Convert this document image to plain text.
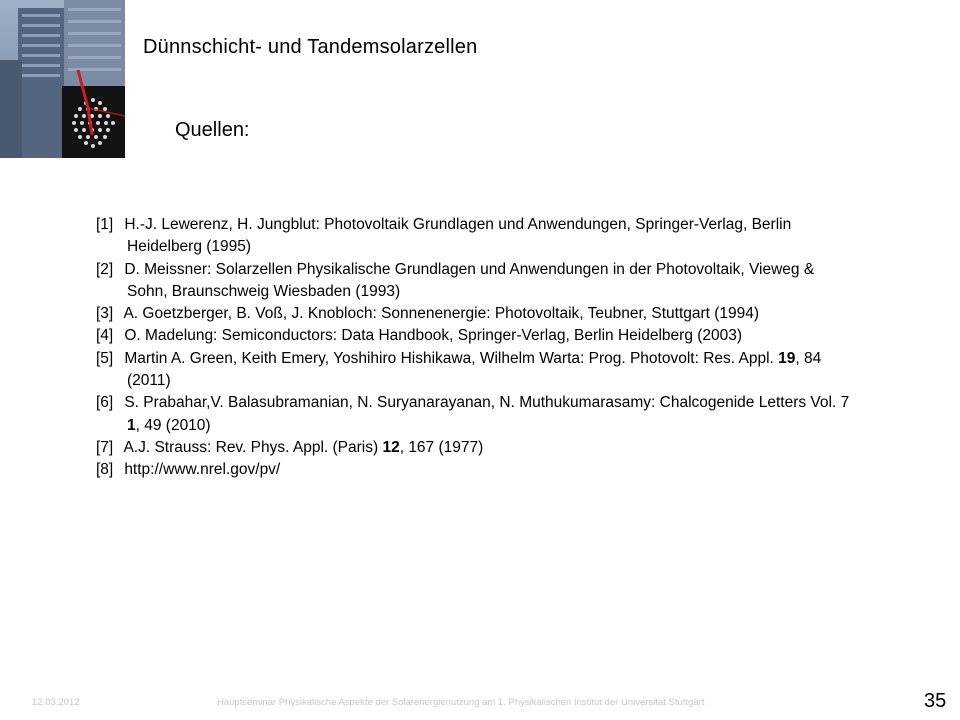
Dünnschicht- und Tandemsolarzellen
Quellen:
[1] H.-J. Lewerenz, H. Jungblut: Photovoltaik Grundlagen und Anwendungen, Springer-Verlag, Berlin Heidelberg (1995)
[2] D. Meissner: Solarzellen Physikalische Grundlagen und Anwendungen in der Photovoltaik, Vieweg & Sohn, Braunschweig Wiesbaden (1993)
[3] A. Goetzberger, B. Voß, J. Knobloch: Sonnenenergie: Photovoltaik, Teubner, Stuttgart (1994)
[4] O. Madelung: Semiconductors: Data Handbook, Springer-Verlag, Berlin Heidelberg (2003)
[5] Martin A. Green, Keith Emery, Yoshihiro Hishikawa, Wilhelm Warta: Prog. Photovolt: Res. Appl. 19, 84 (2011)
[6] S. Prabahar,V. Balasubramanian, N. Suryanarayanan, N. Muthukumarasamy: Chalcogenide Letters Vol. 7 1, 49 (2010)
[7] A.J. Strauss: Rev. Phys. Appl. (Paris) 12, 167 (1977)
[8] http://www.nrel.gov/pv/
12.03.2012	Hauptseminar Physikalische Aspekte der Solarenergienutzung am 1. Physikalischen Institut der Universität Stuttgart	35
